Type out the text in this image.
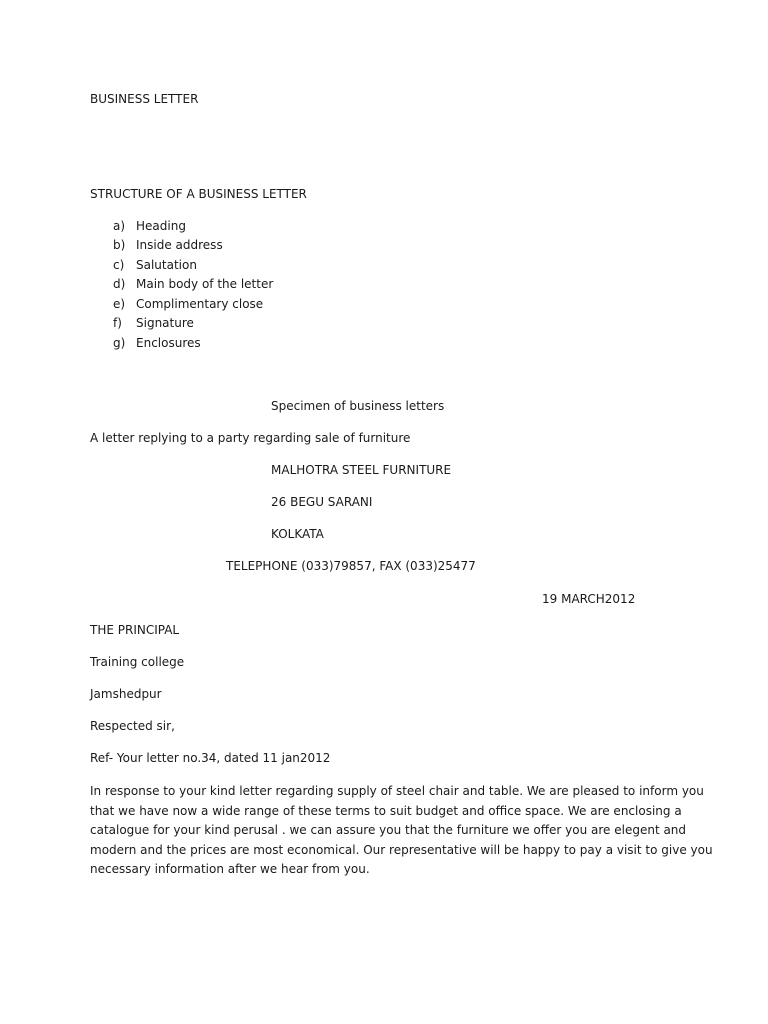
BUSINESS LETTER
STRUCTURE OF A BUSINESS LETTER
a) Heading
b) Inside address
c) Salutation
d) Main body of the letter
e) Complimentary close
f) Signature
g) Enclosures
Specimen of business letters
A letter replying to a party regarding sale of furniture
MALHOTRA STEEL FURNITURE
26 BEGU SARANI
KOLKATA
TELEPHONE (033)79857, FAX (033)25477
19 MARCH2012
THE PRINCIPAL
Training college
Jamshedpur
Respected sir,
Ref- Your letter no.34, dated 11 jan2012
In response to your kind letter regarding supply of steel chair and table. We are pleased to inform you
that we have now a wide range of these terms to suit budget and office space. We are enclosing a
catalogue for your kind perusal . we can assure you that the furniture we offer you are elegent and
modern and the prices are most economical. Our representative will be happy to pay a visit to give you
necessary information after we hear from you.
